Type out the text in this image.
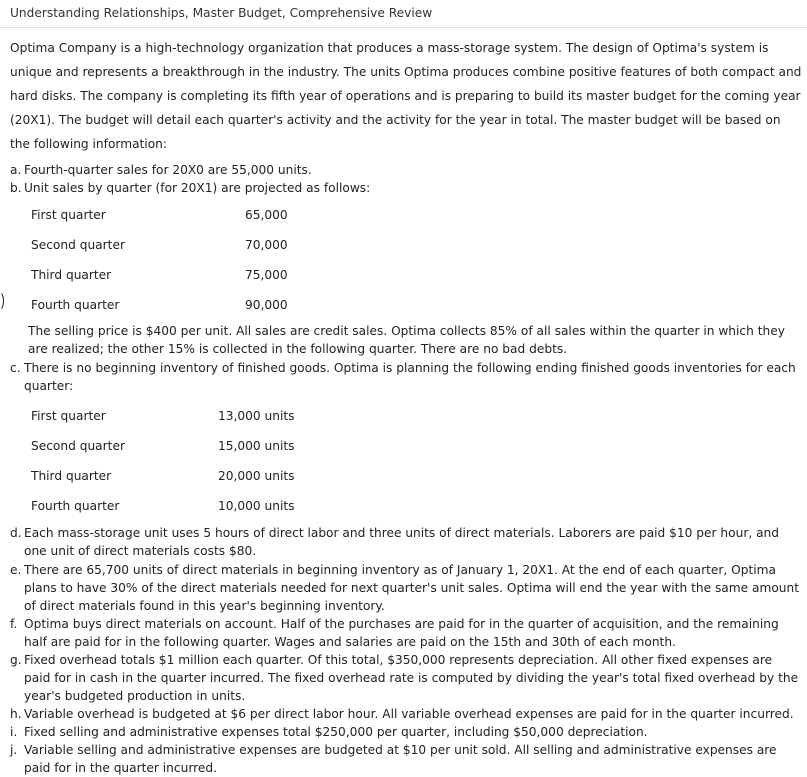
Understanding Relationships, Master Budget, Comprehensive Review
Optima Company is a high-technology organization that produces a mass-storage system. The design of Optima's system is unique and represents a breakthrough in the industry. The units Optima produces combine positive features of both compact and hard disks. The company is completing its fifth year of operations and is preparing to build its master budget for the coming year (20X1). The budget will detail each quarter's activity and the activity for the year in total. The master budget will be based on the following information:
a. Fourth-quarter sales for 20X0 are 55,000 units.
b. Unit sales by quarter (for 20X1) are projected as follows:
First quarter	65,000
Second quarter	70,000
Third quarter	75,000
Fourth quarter	90,000
The selling price is $400 per unit. All sales are credit sales. Optima collects 85% of all sales within the quarter in which they are realized; the other 15% is collected in the following quarter. There are no bad debts.
c. There is no beginning inventory of finished goods. Optima is planning the following ending finished goods inventories for each quarter:
First quarter	13,000 units
Second quarter	15,000 units
Third quarter	20,000 units
Fourth quarter	10,000 units
d. Each mass-storage unit uses 5 hours of direct labor and three units of direct materials. Laborers are paid $10 per hour, and one unit of direct materials costs $80.
e. There are 65,700 units of direct materials in beginning inventory as of January 1, 20X1. At the end of each quarter, Optima plans to have 30% of the direct materials needed for next quarter's unit sales. Optima will end the year with the same amount of direct materials found in this year's beginning inventory.
f. Optima buys direct materials on account. Half of the purchases are paid for in the quarter of acquisition, and the remaining half are paid for in the following quarter. Wages and salaries are paid on the 15th and 30th of each month.
g. Fixed overhead totals $1 million each quarter. Of this total, $350,000 represents depreciation. All other fixed expenses are paid for in cash in the quarter incurred. The fixed overhead rate is computed by dividing the year's total fixed overhead by the year's budgeted production in units.
h. Variable overhead is budgeted at $6 per direct labor hour. All variable overhead expenses are paid for in the quarter incurred.
i. Fixed selling and administrative expenses total $250,000 per quarter, including $50,000 depreciation.
j. Variable selling and administrative expenses are budgeted at $10 per unit sold. All selling and administrative expenses are paid for in the quarter incurred.
